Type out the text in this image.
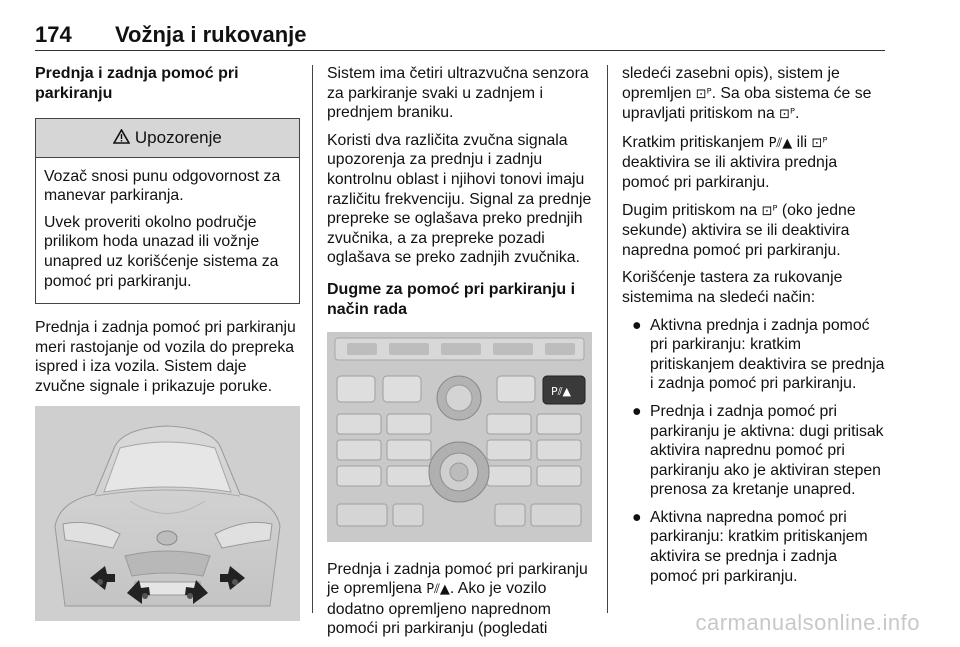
174 Vožnja i rukovanje
Prednja i zadnja pomoć pri parkiranju
Upozorenje

Vozač snosi punu odgovornost za manevar parkiranja.

Uvek proveriti okolno područje prilikom hoda unazad ili vožnje unapred uz korišćenje sistema za pomoć pri parkiranju.

Prednja i zadnja pomoć pri parkiranju meri rastojanje od vozila do prepreka ispred i iza vozila. Sistem daje zvučne signale i prikazuje poruke.

Sistem ima četiri ultrazvučna senzora za parkiranje svaki u zadnjem i prednjem braniku.

Koristi dva različita zvučna signala upozorenja za prednju i zadnju kontrolnu oblast i njihovi tonovi imaju različitu frekvenciju. Signal za prednje prepreke se oglašava preko prednjih zvučnika, a za prepreke pozadi oglašava se preko zadnjih zvučnika.

Dugme za pomoć pri parkiranju i način rada
P⫽▲

Prednja i zadnja pomoć pri parkiranju je opremljena P⫽▲. Ako je vozilo dodatno opremljeno naprednom pomoći pri parkiranju (pogledati

sledeći zasebni opis), sistem je opremljen ⊡ᴾ. Sa oba sistema će se upravljati pritiskom na ⊡ᴾ.

Kratkim pritiskanjem P⫽▲ ili ⊡ᴾ deaktivira se ili aktivira prednja pomoć pri parkiranju.

Dugim pritiskom na ⊡ᴾ (oko jedne sekunde) aktivira se ili deaktivira napredna pomoć pri parkiranju.

Korišćenje tastera za rukovanje sistemima na sledeći način:

● Aktivna prednja i zadnja pomoć pri parkiranju: kratkim pritiskanjem deaktivira se prednja i zadnja pomoć pri parkiranju.
● Prednja i zadnja pomoć pri parkiranju je aktivna: dugi pritisak aktivira naprednu pomoć pri parkiranju ako je aktiviran stepen prenosa za kretanje unapred.
● Aktivna napredna pomoć pri parkiranju: kratkim pritiskanjem aktivira se prednja i zadnja pomoć pri parkiranju.
carmanualsonline.info
